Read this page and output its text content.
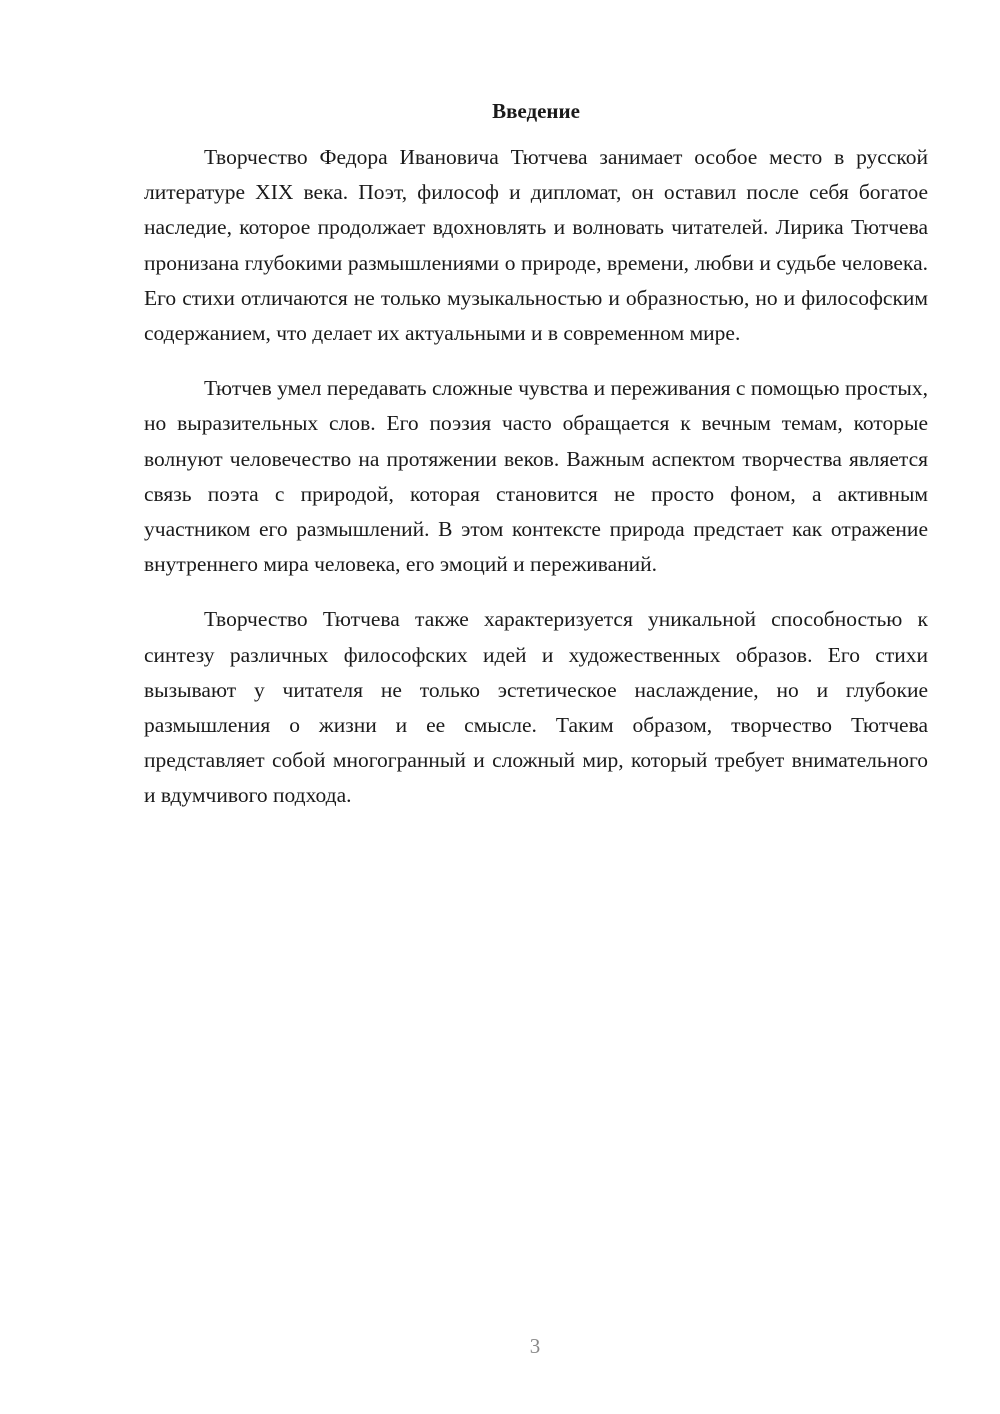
Введение

Творчество Федора Ивановича Тютчева занимает особое место в русской литературе XIX века. Поэт, философ и дипломат, он оставил после себя богатое наследие, которое продолжает вдохновлять и волновать читателей. Лирика Тютчева пронизана глубокими размышлениями о природе, времени, любви и судьбе человека. Его стихи отличаются не только музыкальностью и образностью, но и философским содержанием, что делает их актуальными и в современном мире.

Тютчев умел передавать сложные чувства и переживания с помощью простых, но выразительных слов. Его поэзия часто обращается к вечным темам, которые волнуют человечество на протяжении веков. Важным аспектом творчества является связь поэта с природой, которая становится не просто фоном, а активным участником его размышлений. В этом контексте природа предстает как отражение внутреннего мира человека, его эмоций и переживаний.

Творчество Тютчева также характеризуется уникальной способностью к синтезу различных философских идей и художественных образов. Его стихи вызывают у читателя не только эстетическое наслаждение, но и глубокие размышления о жизни и ее смысле. Таким образом, творчество Тютчева представляет собой многогранный и сложный мир, который требует внимательного и вдумчивого подхода.

3
